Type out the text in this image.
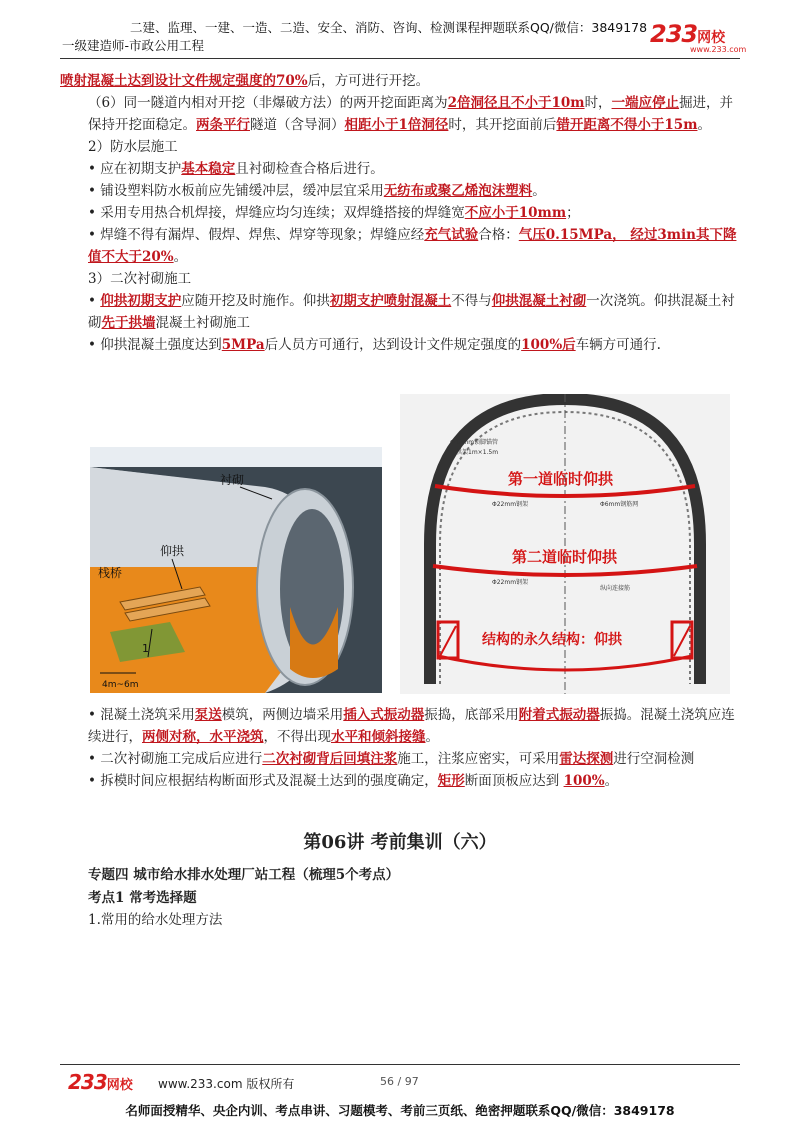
二建、监理、一建、一造、二造、安全、消防、咨询、检测课程押题联系QQ/微信：3849178
一级建造师-市政公用工程	233网校
www.233.com

喷射混凝土达到设计文件规定强度的70%后，方可进行开挖。

（6）同一隧道内相对开挖（非爆破方法）的两开挖面距离为2倍洞径且不小于10m时，一端应停止掘进，并保持开挖面稳定。两条平行隧道（含导洞）相距小于1倍洞径时，其开挖面前后错开距离不得小于15m。

2）防水层施工

• 应在初期支护基本稳定且衬砌检查合格后进行。

• 铺设塑料防水板前应先铺缓冲层，缓冲层宜采用无纺布或聚乙烯泡沫塑料。

• 采用专用热合机焊接，焊缝应均匀连续；双焊缝搭接的焊缝宽不应小于10mm；

• 焊缝不得有漏焊、假焊、焊焦、焊穿等现象；焊缝应经充气试验合格：气压0.15MPa， 经过3min其下降值不大于20%。

3）二次衬砌施工

• 仰拱初期支护应随开挖及时施作。仰拱初期支护喷射混凝土不得与仰拱混凝土衬砌一次浇筑。仰拱混凝土衬砌先于拱墙混凝土衬砌施工

• 仰拱混凝土强度达到5MPa后人员方可通行，达到设计文件规定强度的100%后车辆方可通行.

衬砌
仰拱
栈桥
1
4m~6m
第一道临时仰拱
第二道临时仰拱
结构的永久结构：仰拱
Φ42mm锁脚锚管
拱架1m×1.5m
Φ22mm钢架
Φ22mm钢架
Φ6mm钢筋网
纵向连接筋

• 混凝土浇筑采用泵送模筑，两侧边墙采用插入式振动器振捣，底部采用附着式振动器振捣。混凝土浇筑应连续进行，两侧对称，水平浇筑，不得出现水平和倾斜接缝。

• 二次衬砌施工完成后应进行二次衬砌背后回填注浆施工，注浆应密实，可采用雷达探测进行空洞检测

• 拆模时间应根据结构断面形式及混凝土达到的强度确定，矩形断面顶板应达到 100%。

第06讲 考前集训（六）
专题四 城市给水排水处理厂站工程（梳理5个考点）
考点1 常考选择题
1.常用的给水处理方法
233网校 www.233.com 版权所有	56 / 97
名师面授精华、央企内训、考点串讲、习题模考、考前三页纸、绝密押题联系QQ/微信：3849178
